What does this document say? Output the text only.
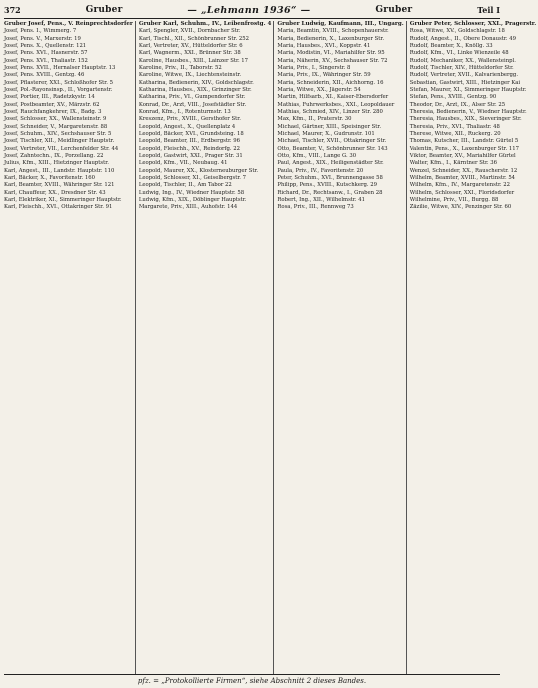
372	Gruber	— „Lehmann 1936“ —	Gruber	Teil I
Gruber Josef, Pens., V. Reinprechtsdorfer
Josef, Pens. I., Wimmerg. 7
Josef, Pens. V., Marxerstr. 19
Josef, Pens. X., Quellenstr. 121
Josef, Pens. XVI., Hasnerstr. 57
Josef, Pens. XVI., Thaliastr. 152
Josef, Pens. XVII., Hernalser Hauptstr. 13
Josef, Pens. XVIII., Gentzg. 46
Josef, Pflasterer, XXI., Schloßhofer Str. 5
Josef, Pol.-Rayonsinsp., II., Vorgartenstr.
Josef, Portier, III., Radetzkystr. 14
Josef, Postbeamter, XV., Märzstr. 62
Josef, Rauchfangkehrer, IX., Badg. 3
Josef, Schlosser, XX., Wallensteinstr. 9
Josef, Schneider, V., Margaretenstr. 88
Josef, Schuhm., XIV., Sechshauser Str. 5
Josef, Tischler, XII., Meidlinger Hauptstr.
Josef, Vertreter, VII., Lerchenfelder Str. 44
Josef, Zahntechn., IX., Porzellang. 22
Julius, Kfm., XIII., Hietzinger Hauptstr.
Karl, Angest., III., Landstr. Hauptstr. 110
Karl, Bäcker, X., Favoritenstr. 160
Karl, Beamter, XVIII., Währinger Str. 121
Karl, Chauffeur, XX., Dresdner Str. 43
Karl, Elektriker, XI., Simmeringer Hauptstr.
Karl, Fleischh., XVI., Ottakringer Str. 91
Gruber Karl, Schuhm., IV., Leibenfrostg. 4
Karl, Spengler, XVII., Dornbacher Str.
Karl, Tischl., XII., Schönbrunner Str. 252
Karl, Vertreter, XV., Hütteldorfer Str. 6
Karl, Wagnerm., XXI., Brünner Str. 38
Karoline, Hausbes., XIII., Lainzer Str. 17
Karoline, Priv., II., Taborstr. 52
Karoline, Witwe, IX., Liechtensteinstr.
Katharina, Bedienerin, XIV., Goldschlagstr.
Katharina, Hausbes., XIX., Grinzinger Str.
Katharina, Priv., VI., Gumpendorfer Str.
Konrad, Dr., Arzt, VIII., Josefstädter Str.
Konrad, Kfm., I., Rotenturmstr. 13
Kreszenz, Priv., XVIII., Gersthofer Str.
Leopold, Angest., X., Quellenplatz 4
Leopold, Bäcker, XVI., Grundsteing. 18
Leopold, Beamter, III., Erdbergstr. 96
Leopold, Fleischh., XV., Reindorfg. 22
Leopold, Gastwirt, XXI., Prager Str. 31
Leopold, Kfm., VII., Neubaug. 41
Leopold, Maurer, XX., Klosterneuburger Str.
Leopold, Schlosser, XI., Geiselbergstr. 7
Leopold, Tischler, II., Am Tabor 22
Ludwig, Ing., IV., Wiedner Hauptstr. 58
Ludwig, Kfm., XIX., Döblinger Hauptstr.
Margarete, Priv., XIII., Auhofstr. 144
Gruber Ludwig, Kaufmann, III., Ungarg.
Maria, Beamtin, XVIII., Schopenhauerstr.
Maria, Bedienerin, X., Laxenburger Str.
Maria, Hausbes., XVI., Koppstr. 41
Maria, Modistin, VI., Mariahilfer Str. 95
Maria, Näherin, XV., Sechshauser Str. 72
Maria, Priv., I., Singerstr. 8
Maria, Priv., IX., Währinger Str. 59
Maria, Schneiderin, XII., Aichhorng. 16
Maria, Witwe, XX., Jägerstr. 54
Martin, Hilfsarb., XI., Kaiser-Ebersdorfer
Mathias, Fuhrwerksbes., XXI., Leopoldauer
Mathias, Schmied, XIV., Linzer Str. 280
Max, Kfm., II., Praterstr. 30
Michael, Gärtner, XIII., Speisinger Str.
Michael, Maurer, X., Gudrunstr. 101
Michael, Tischler, XVII., Ottakringer Str.
Otto, Beamter, V., Schönbrunner Str. 143
Otto, Kfm., VIII., Lange G. 30
Paul, Angest., XIX., Heiligenstädter Str.
Paula, Priv., IV., Favoritenstr. 20
Peter, Schuhm., XVI., Brunnengasse 58
Philipp, Pens., XVIII., Kutschkerg. 29
Richard, Dr., Rechtsanw., I., Graben 28
Robert, Ing., XII., Wilhelmstr. 41
Rosa, Priv., III., Rennweg 73
Gruber Peter, Schlosser, XXI., Pragerstr.
Rosa, Witwe, XV., Goldschlagstr. 18
Rudolf, Angest., II., Obere Donaustr. 49
Rudolf, Beamter, X., Knöllg. 33
Rudolf, Kfm., VI., Linke Wienzeile 48
Rudolf, Mechaniker, XX., Wallensteinpl.
Rudolf, Tischler, XIV., Hütteldorfer Str.
Rudolf, Vertreter, XVII., Kalvarienbergg.
Sebastian, Gastwirt, XIII., Hietzinger Kai
Stefan, Maurer, XI., Simmeringer Hauptstr.
Stefan, Pens., XVIII., Gentzg. 90
Theodor, Dr., Arzt, IX., Alser Str. 25
Theresia, Bedienerin, V., Wiedner Hauptstr.
Theresia, Hausbes., XIX., Sieveringer Str.
Theresia, Priv., XVI., Thaliastr. 48
Therese, Witwe, XII., Ruckerg. 20
Thomas, Kutscher, III., Landstr. Gürtel 5
Valentin, Pens., X., Laxenburger Str. 117
Viktor, Beamter, XV., Mariahilfer Gürtel
Walter, Kfm., I., Kärntner Str. 36
Wenzel, Schneider, XX., Rauscherstr. 12
Wilhelm, Beamter, XVIII., Martinstr. 54
Wilhelm, Kfm., IV., Margaretenstr. 22
Wilhelm, Schlosser, XXI., Floridsdorfer
Wilhelmine, Priv., VII., Burgg. 88
Zäzilie, Witwe, XIV., Penzinger Str. 60
pfz. = „Protokollierte Firmen“, siehe Abschnitt 2 dieses Bandes.
